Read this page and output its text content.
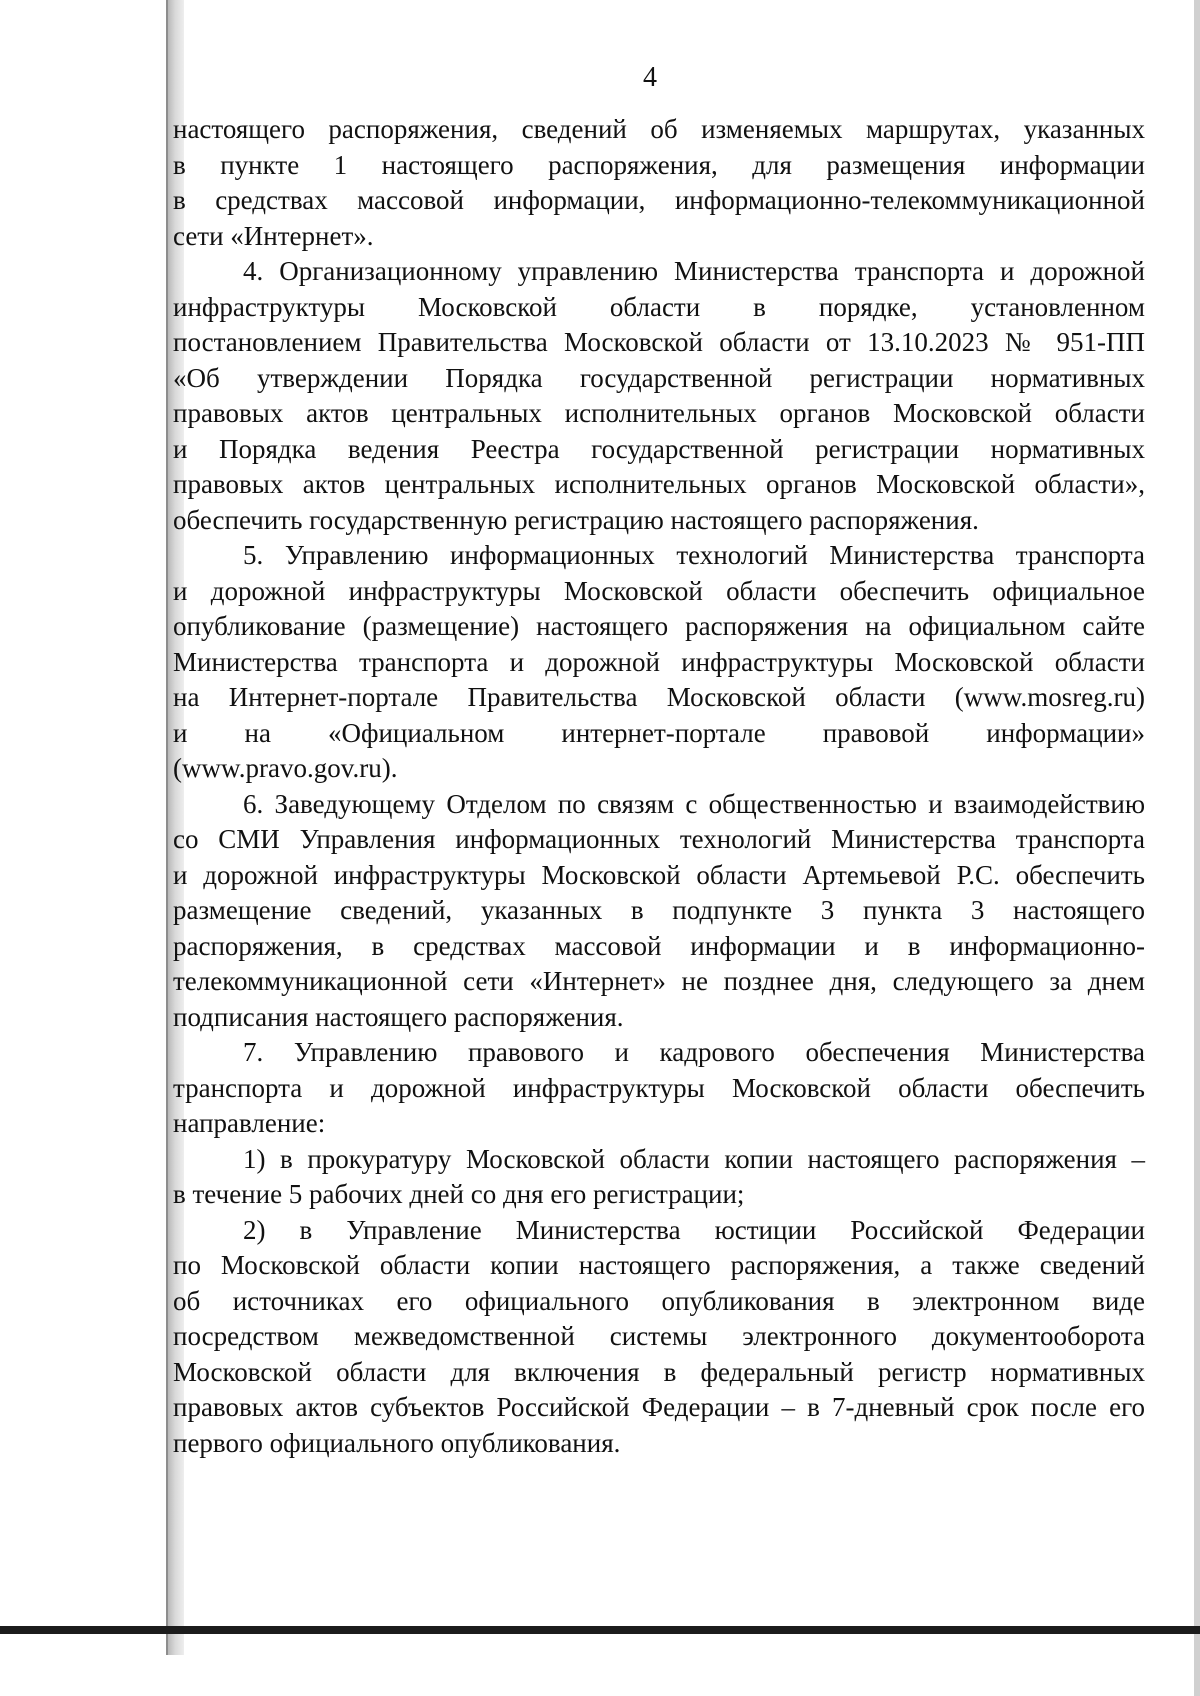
4
настоящего распоряжения, сведений об изменяемых маршрутах, указанных
в пункте 1 настоящего распоряжения, для размещения информации
в средствах массовой информации, информационно-телекоммуникационной
сети «Интернет».
4. Организационному управлению Министерства транспорта и дорожной
инфраструктуры Московской области в порядке, установленном
постановлением Правительства Московской области от 13.10.2023 № 951-ПП
«Об утверждении Порядка государственной регистрации нормативных
правовых актов центральных исполнительных органов Московской области
и Порядка ведения Реестра государственной регистрации нормативных
правовых актов центральных исполнительных органов Московской области»,
обеспечить государственную регистрацию настоящего распоряжения.
5. Управлению информационных технологий Министерства транспорта
и дорожной инфраструктуры Московской области обеспечить официальное
опубликование (размещение) настоящего распоряжения на официальном сайте
Министерства транспорта и дорожной инфраструктуры Московской области
на Интернет-портале Правительства Московской области (www.mosreg.ru)
и на «Официальном интернет-портале правовой информации»
(www.pravo.gov.ru).
6. Заведующему Отделом по связям с общественностью и взаимодействию
со СМИ Управления информационных технологий Министерства транспорта
и дорожной инфраструктуры Московской области Артемьевой Р.С. обеспечить
размещение сведений, указанных в подпункте 3 пункта 3 настоящего
распоряжения, в средствах массовой информации и в информационно-
телекоммуникационной сети «Интернет» не позднее дня, следующего за днем
подписания настоящего распоряжения.
7. Управлению правового и кадрового обеспечения Министерства
транспорта и дорожной инфраструктуры Московской области обеспечить
направление:
1) в прокуратуру Московской области копии настоящего распоряжения –
в течение 5 рабочих дней со дня его регистрации;
2) в Управление Министерства юстиции Российской Федерации
по Московской области копии настоящего распоряжения, а также сведений
об источниках его официального опубликования в электронном виде
посредством межведомственной системы электронного документооборота
Московской области для включения в федеральный регистр нормативных
правовых актов субъектов Российской Федерации – в 7-дневный срок после его
первого официального опубликования.
